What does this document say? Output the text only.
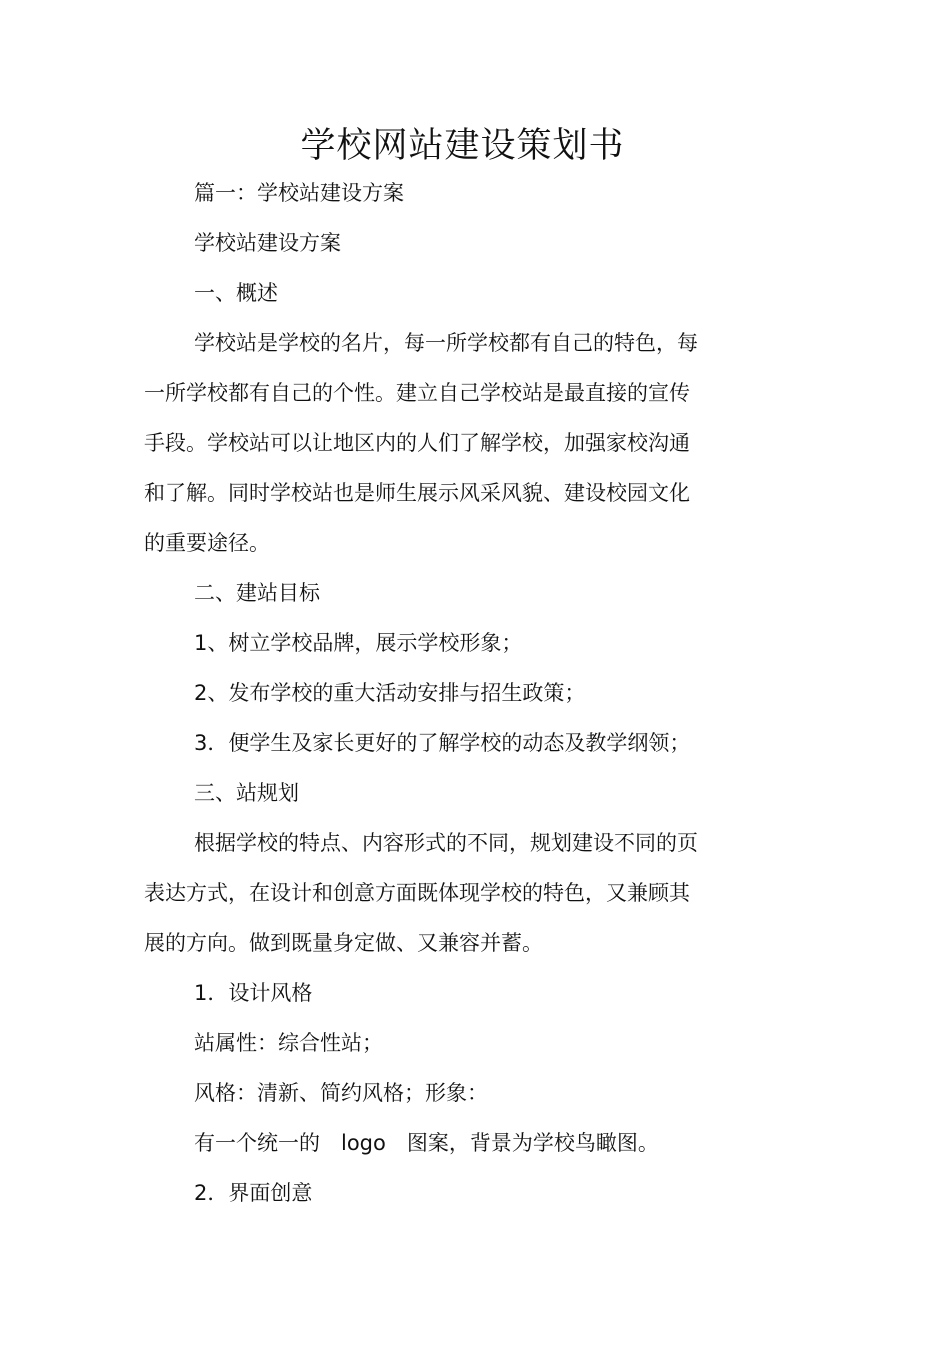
学校网站建设策划书
篇一：学校站建设方案
学校站建设方案
一、概述
学校站是学校的名片，每一所学校都有自己的特色，每
一所学校都有自己的个性。建立自己学校站是最直接的宣传
手段。学校站可以让地区内的人们了解学校，加强家校沟通
和了解。同时学校站也是师生展示风采风貌、建设校园文化
的重要途径。
二、建站目标
1、树立学校品牌，展示学校形象；
2、发布学校的重大活动安排与招生政策；
3．便学生及家长更好的了解学校的动态及教学纲领；
三、站规划
根据学校的特点、内容形式的不同，规划建设不同的页
表达方式，在设计和创意方面既体现学校的特色，又兼顾其
展的方向。做到既量身定做、又兼容并蓄。
1．设计风格
站属性：综合性站；
风格：清新、简约风格；形象：
有一个统一的　logo　图案，背景为学校鸟瞰图。
2．界面创意
